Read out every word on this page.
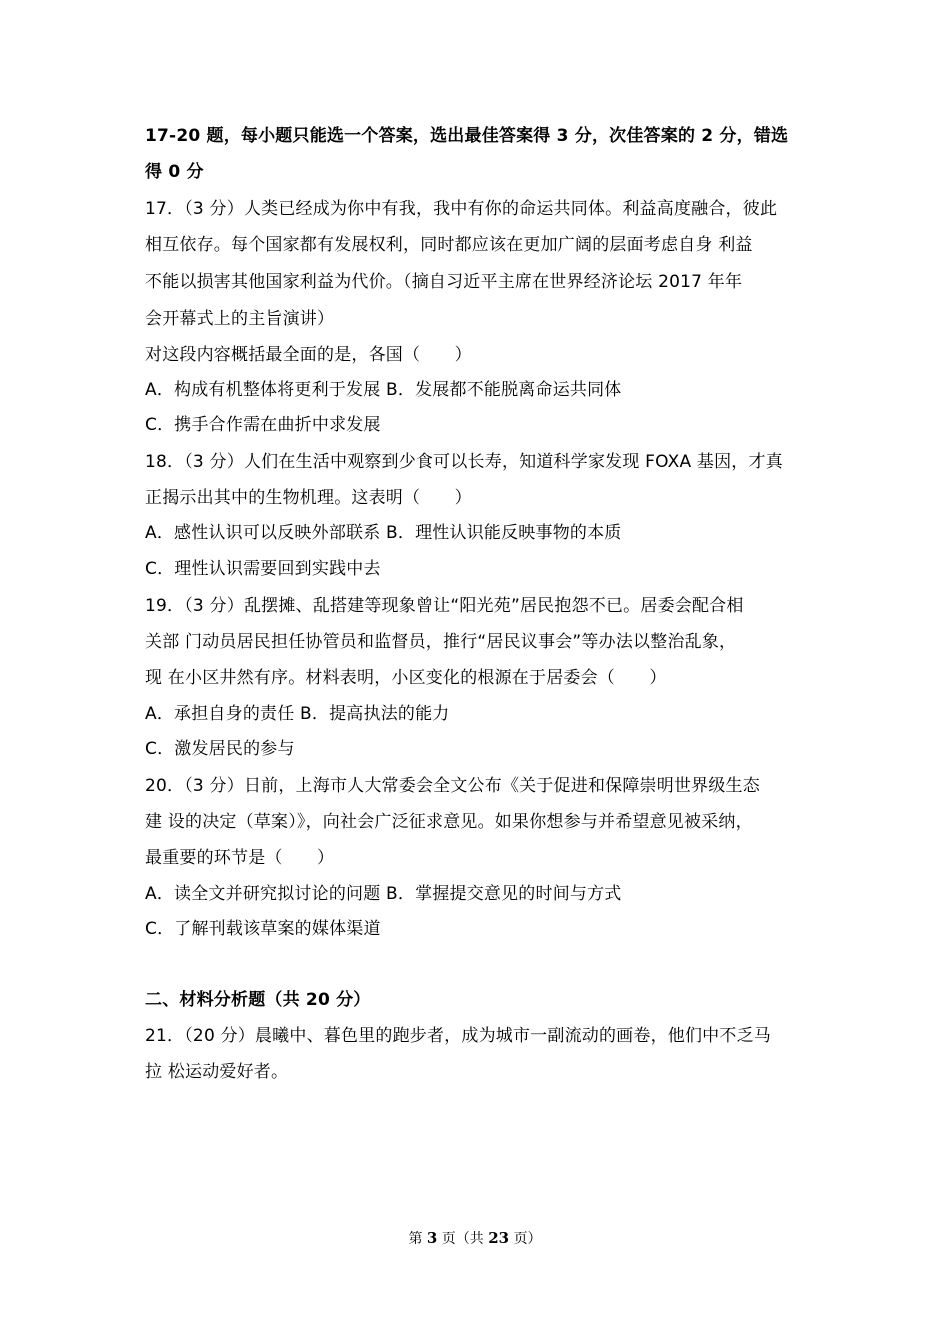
17-20 题，每小题只能选一个答案，选出最佳答案得 3 分，次佳答案的 2 分，错选
得 0 分
17．（3 分）人类已经成为你中有我，我中有你的命运共同体。利益高度融合，彼此
相互依存。每个国家都有发展权利，同时都应该在更加广阔的层面考虑自身 利益
不能以损害其他国家利益为代价。（摘自习近平主席在世界经济论坛 2017 年年
会开幕式上的主旨演讲）
对这段内容概括最全面的是，各国（　　）
A．构成有机整体将更利于发展 B．发展都不能脱离命运共同体
C．携手合作需在曲折中求发展
18．（3 分）人们在生活中观察到少食可以长寿，知道科学家发现 FOXA 基因，才真
正揭示出其中的生物机理。这表明（　　）
A．感性认识可以反映外部联系 B．理性认识能反映事物的本质
C．理性认识需要回到实践中去
19．（3 分）乱摆摊、乱搭建等现象曾让“阳光苑”居民抱怨不已。居委会配合相
关部 门动员居民担任协管员和监督员，推行“居民议事会”等办法以整治乱象，
现 在小区井然有序。材料表明，小区变化的根源在于居委会（　　）
A．承担自身的责任 B．提高执法的能力
C．激发居民的参与
20．（3 分）日前，上海市人大常委会全文公布《关于促进和保障崇明世界级生态
建 设的决定（草案）》，向社会广泛征求意见。如果你想参与并希望意见被采纳，
最重要的环节是（　　）
A．读全文并研究拟讨论的问题 B．掌握提交意见的时间与方式
C．了解刊载该草案的媒体渠道
二、材料分析题（共 20 分）
21．（20 分）晨曦中、暮色里的跑步者，成为城市一副流动的画卷，他们中不乏马
拉 松运动爱好者。
第 3 页（共 23 页）
